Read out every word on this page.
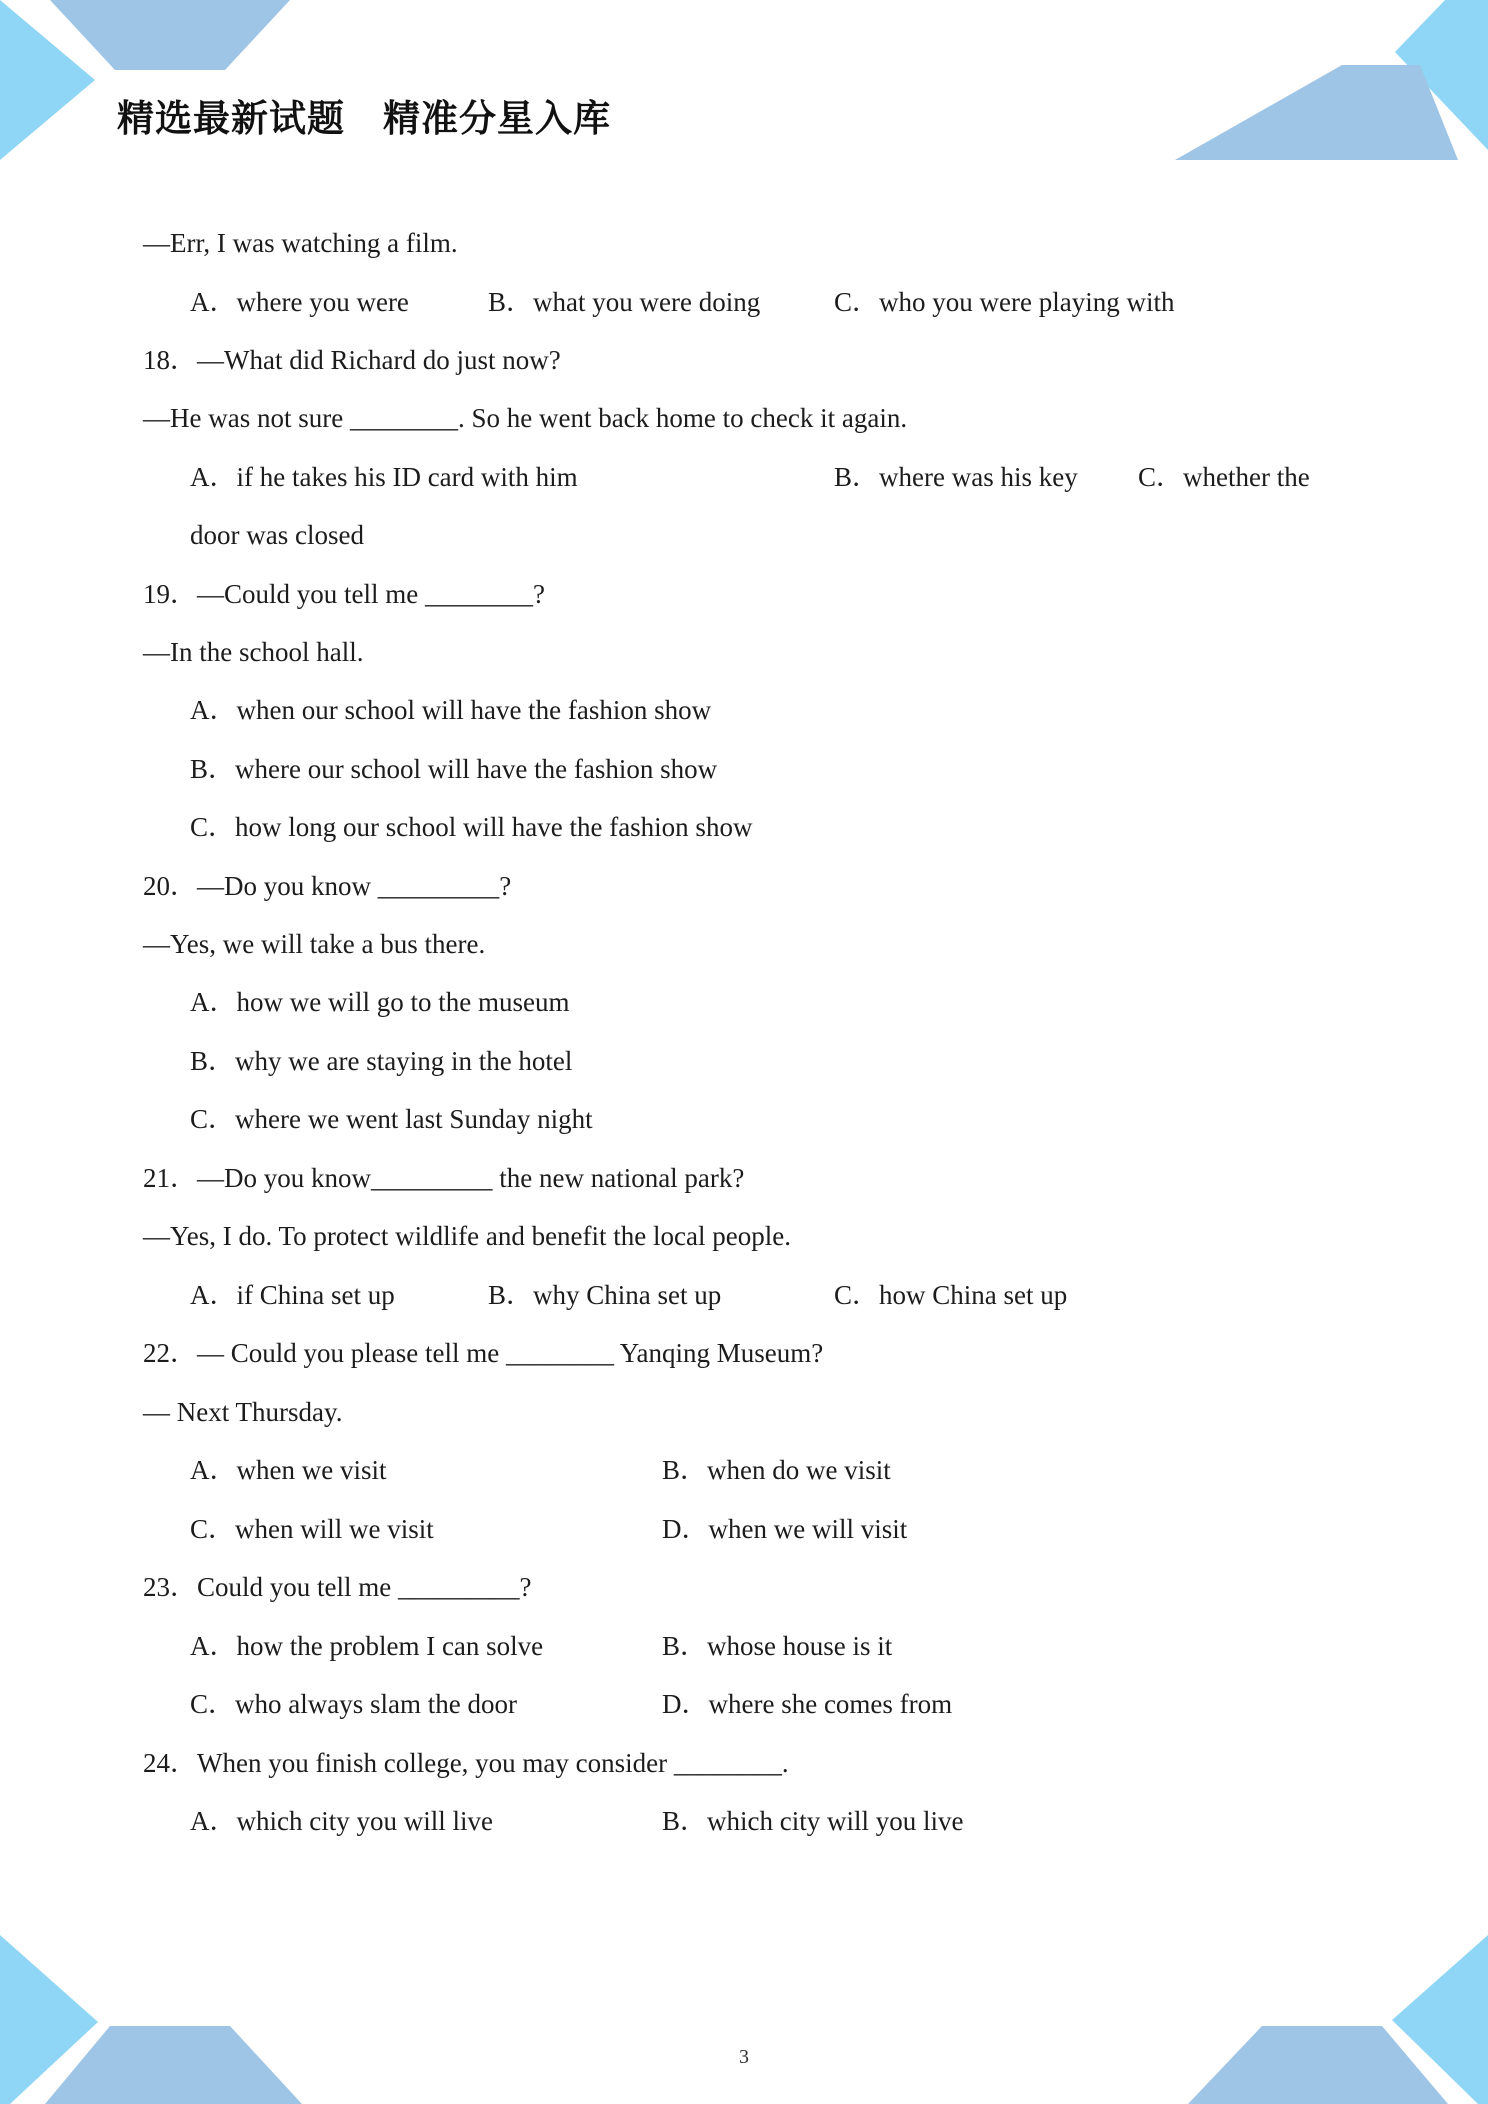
精选最新试题　精准分星入库
—Err, I was watching a film.
A．where you were	B．what you were doing	C．who you were playing with
18．—What did Richard do just now?
—He was not sure ________. So he went back home to check it again.
A．if he takes his ID card with him	B．where was his key C．whether the
door was closed
19．—Could you tell me ________?
—In the school hall.
A．when our school will have the fashion show
B．where our school will have the fashion show
C．how long our school will have the fashion show
20．—Do you know _________?
—Yes, we will take a bus there.
A．how we will go to the museum
B．why we are staying in the hotel
C．where we went last Sunday night
21．—Do you know_________ the new national park?
—Yes, I do. To protect wildlife and benefit the local people.
A．if China set up	B．why China set up	C．how China set up
22．— Could you please tell me ________ Yanqing Museum?
— Next Thursday.
A．when we visit	B．when do we visit
C．when will we visit	D．when we will visit
23．Could you tell me _________?
A．how the problem I can solve	B．whose house is it
C．who always slam the door	D．where she comes from
24．When you finish college, you may consider ________.
A．which city you will live	B．which city will you live
3
